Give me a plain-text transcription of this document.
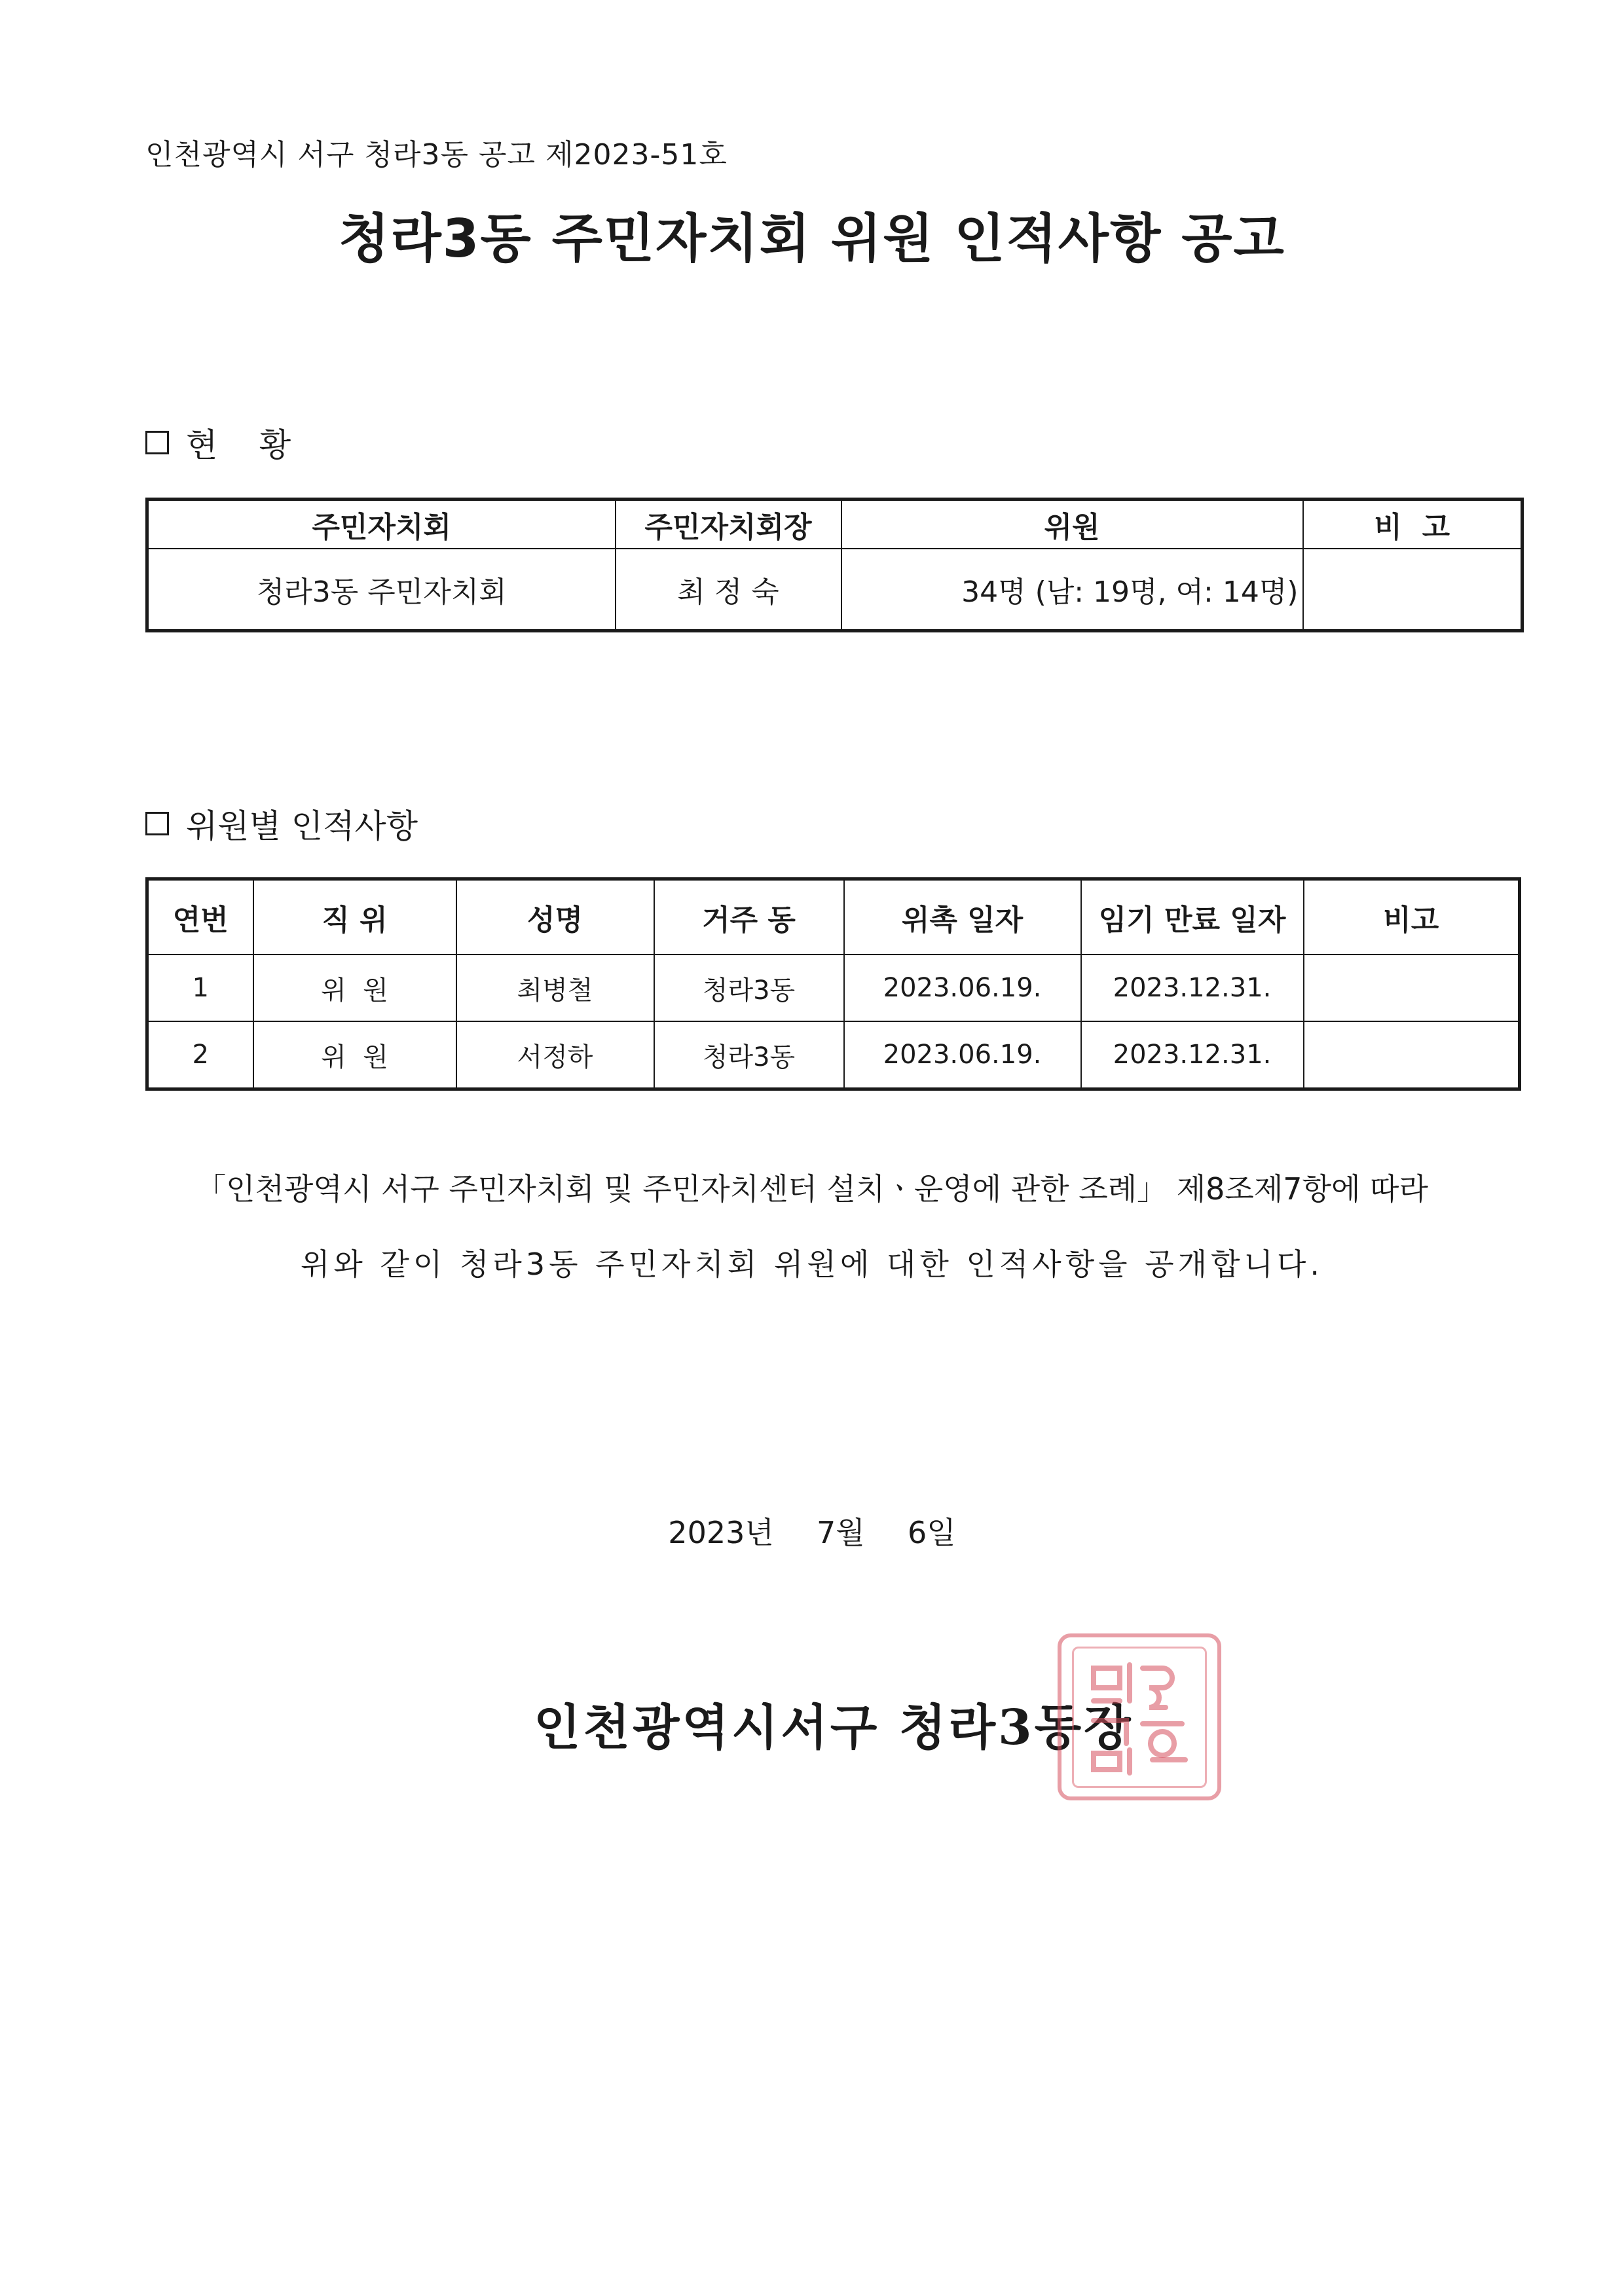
인천광역시 서구 청라3동 공고 제2023-51호
청라3동 주민자치회 위원 인적사항 공고
현    황
주민자치회	주민자치회장	위원	비  고
청라3동 주민자치회	최 정 숙	34명 (남: 19명, 여: 14명)	
위원별 인적사항
연번	직 위	성명	거주 동	위촉 일자	임기 만료 일자	비고
1	위  원	최병철	청라3동	2023.06.19.	2023.12.31.	
2	위  원	서정하	청라3동	2023.06.19.	2023.12.31.	
「인천광역시 서구 주민자치회 및 주민자치센터 설치ㆍ운영에 관한 조례」 제8조제7항에 따라
위와 같이 청라3동 주민자치회 위원에 대한 인적사항을 공개합니다.
2023년  7월  6일
인천광역시서구 청라3동장
